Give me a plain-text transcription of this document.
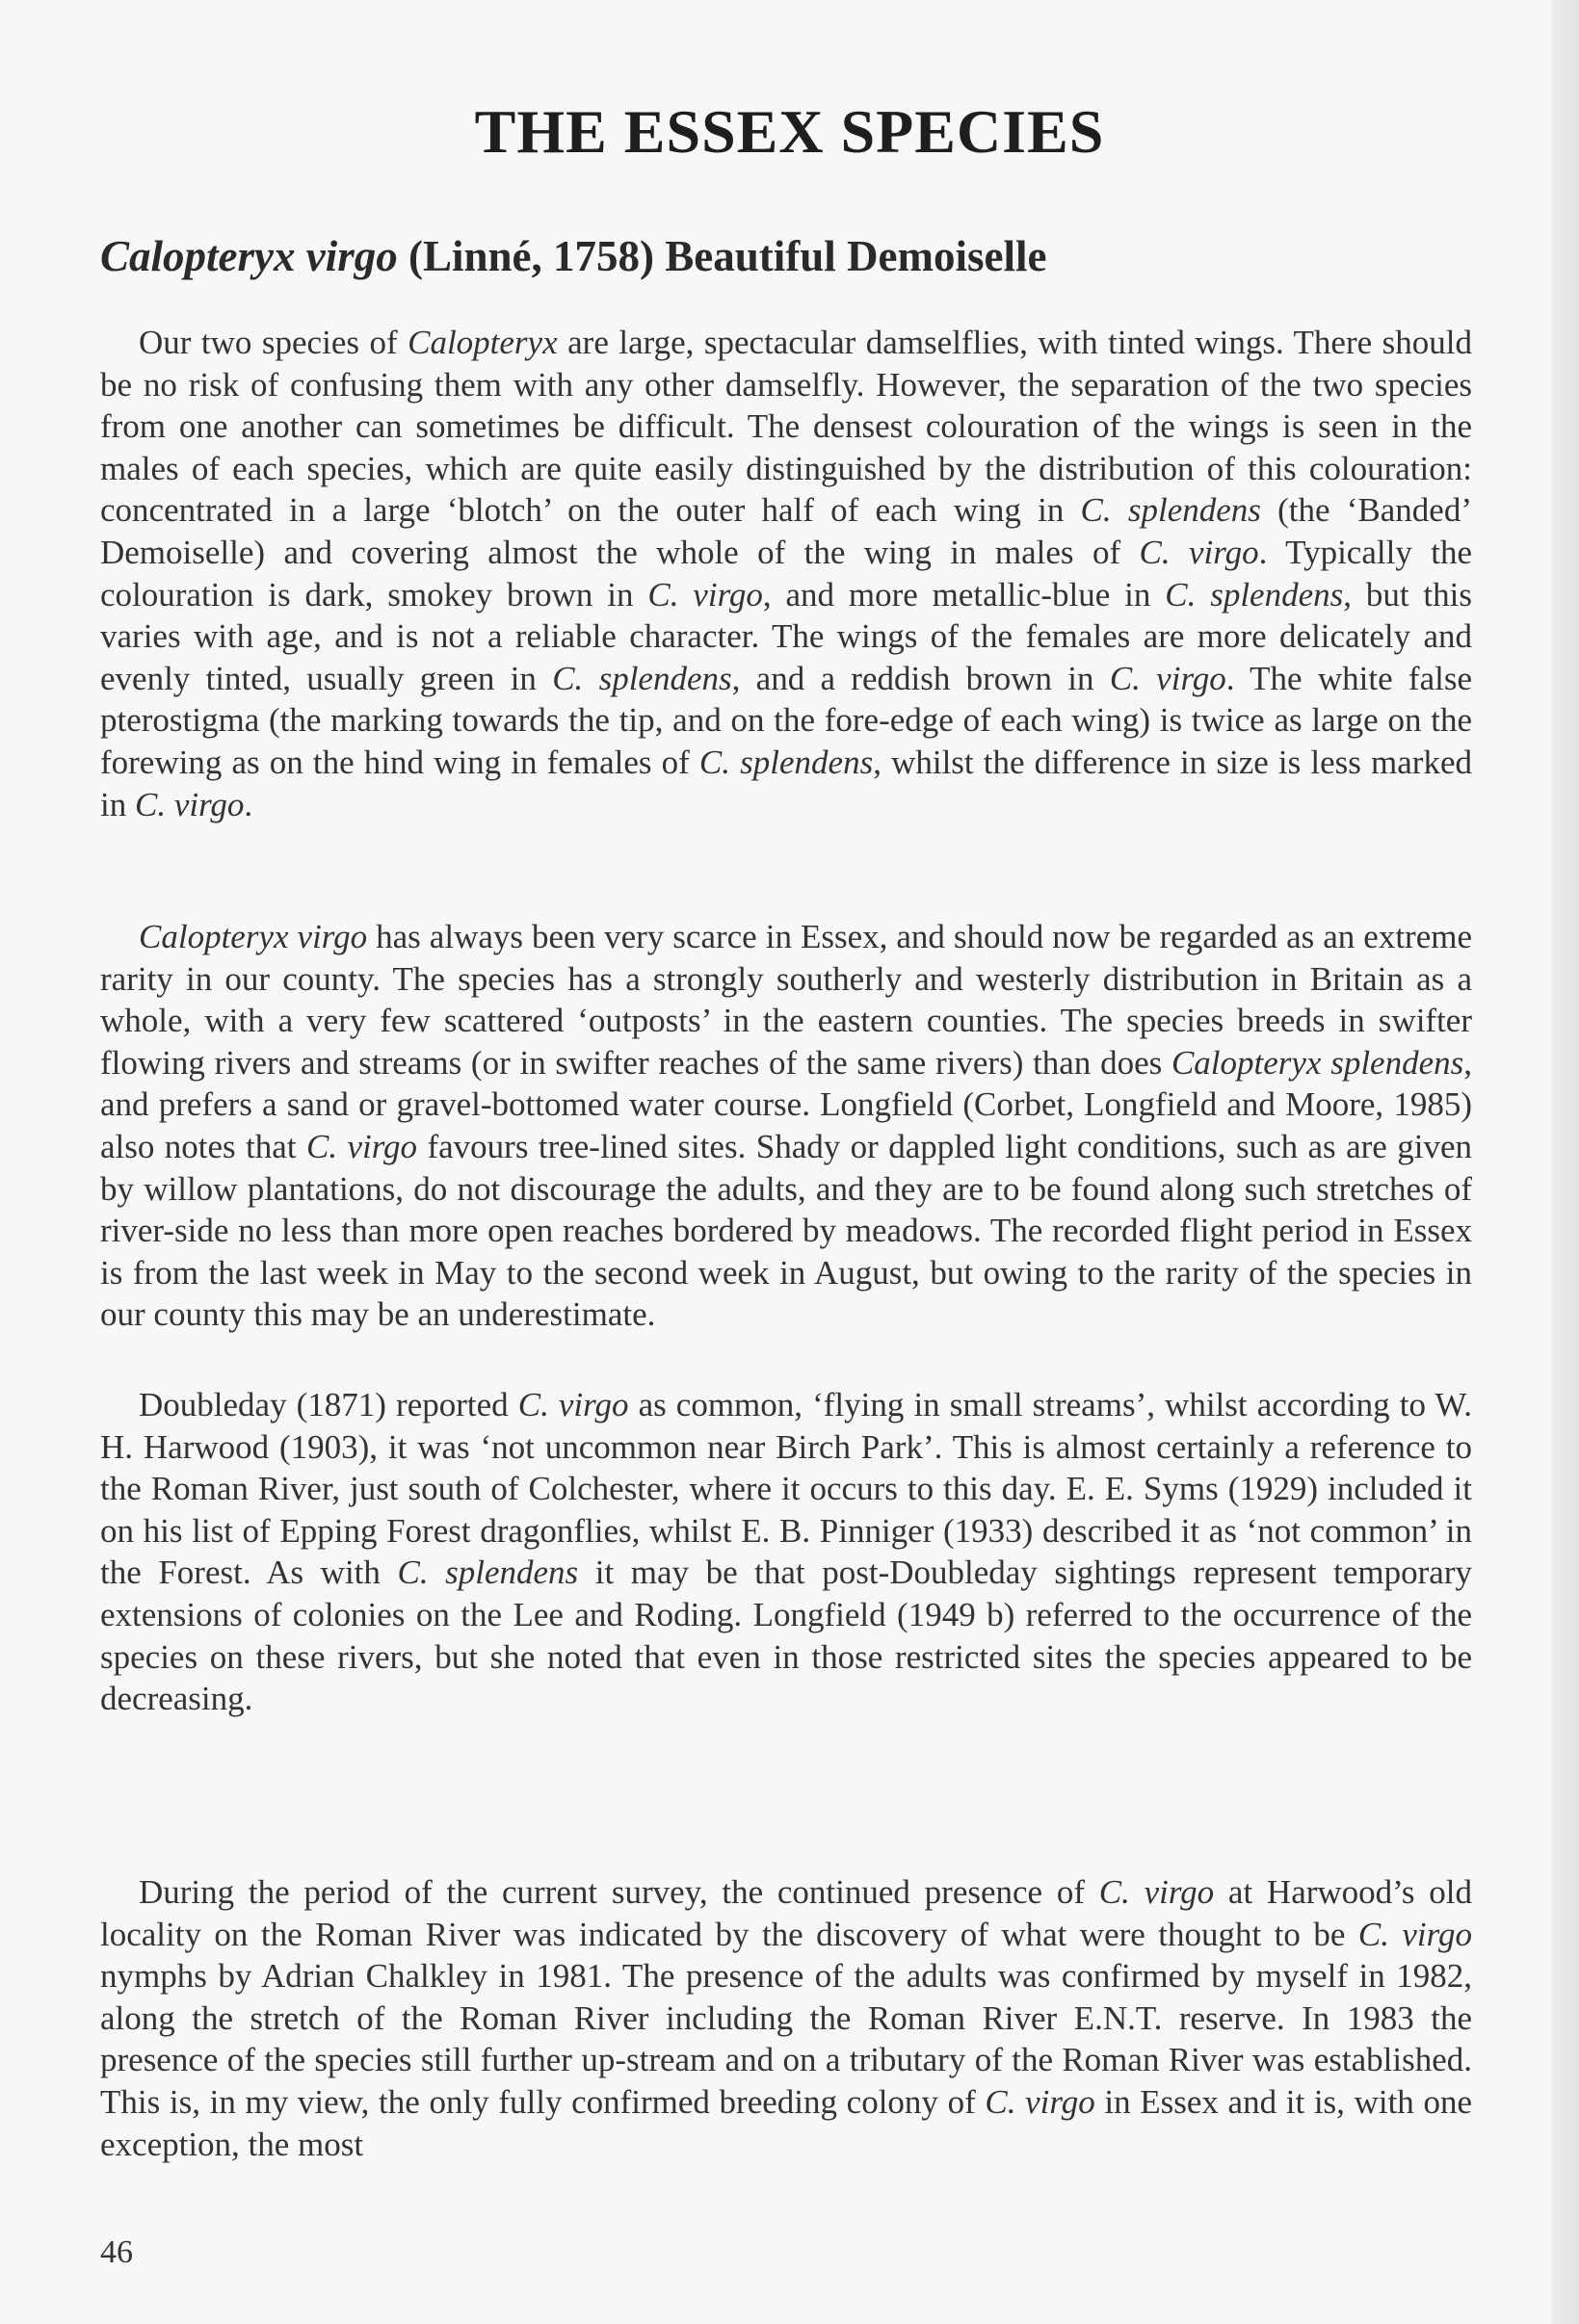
THE ESSEX SPECIES
Calopteryx virgo (Linné, 1758) Beautiful Demoiselle

Our two species of Calopteryx are large, spectacular damselflies, with tinted wings. There should be no risk of confusing them with any other damselfly. However, the separation of the two species from one another can sometimes be difficult. The densest colouration of the wings is seen in the males of each species, which are quite easily distinguished by the distribution of this colouration: concentrated in a large ‘blotch’ on the outer half of each wing in C. splendens (the ‘Banded’ Demoiselle) and covering almost the whole of the wing in males of C. virgo. Typically the colouration is dark, smokey brown in C. virgo, and more metallic-blue in C. splendens, but this varies with age, and is not a reliable character. The wings of the females are more delicately and evenly tinted, usually green in C. splendens, and a reddish brown in C. virgo. The white false pterostigma (the marking towards the tip, and on the fore-edge of each wing) is twice as large on the forewing as on the hind wing in females of C. splendens, whilst the difference in size is less marked in C. virgo.

Calopteryx virgo has always been very scarce in Essex, and should now be regarded as an extreme rarity in our county. The species has a strongly southerly and westerly distribution in Britain as a whole, with a very few scattered ‘outposts’ in the eastern counties. The species breeds in swifter flowing rivers and streams (or in swifter reaches of the same rivers) than does Calopteryx splendens, and prefers a sand or gravel-bottomed water course. Longfield (Corbet, Longfield and Moore, 1985) also notes that C. virgo favours tree-lined sites. Shady or dappled light conditions, such as are given by willow plantations, do not discourage the adults, and they are to be found along such stretches of river-side no less than more open reaches bordered by meadows. The recorded flight period in Essex is from the last week in May to the second week in August, but owing to the rarity of the species in our county this may be an underestimate.

Doubleday (1871) reported C. virgo as common, ‘flying in small streams’, whilst according to W. H. Harwood (1903), it was ‘not uncommon near Birch Park’. This is almost certainly a reference to the Roman River, just south of Colchester, where it occurs to this day. E. E. Syms (1929) included it on his list of Epping Forest dragonflies, whilst E. B. Pinniger (1933) described it as ‘not common’ in the Forest. As with C. splendens it may be that post-Doubleday sightings represent temporary extensions of colonies on the Lee and Roding. Longfield (1949 b) referred to the occurrence of the species on these rivers, but she noted that even in those restricted sites the species appeared to be decreasing.

During the period of the current survey, the continued presence of C. virgo at Harwood’s old locality on the Roman River was indicated by the discovery of what were thought to be C. virgo nymphs by Adrian Chalkley in 1981. The presence of the adults was confirmed by myself in 1982, along the stretch of the Roman River including the Roman River E.N.T. reserve. In 1983 the presence of the species still further up-stream and on a tributary of the Roman River was established. This is, in my view, the only fully confirmed breeding colony of C. virgo in Essex and it is, with one exception, the most

46
